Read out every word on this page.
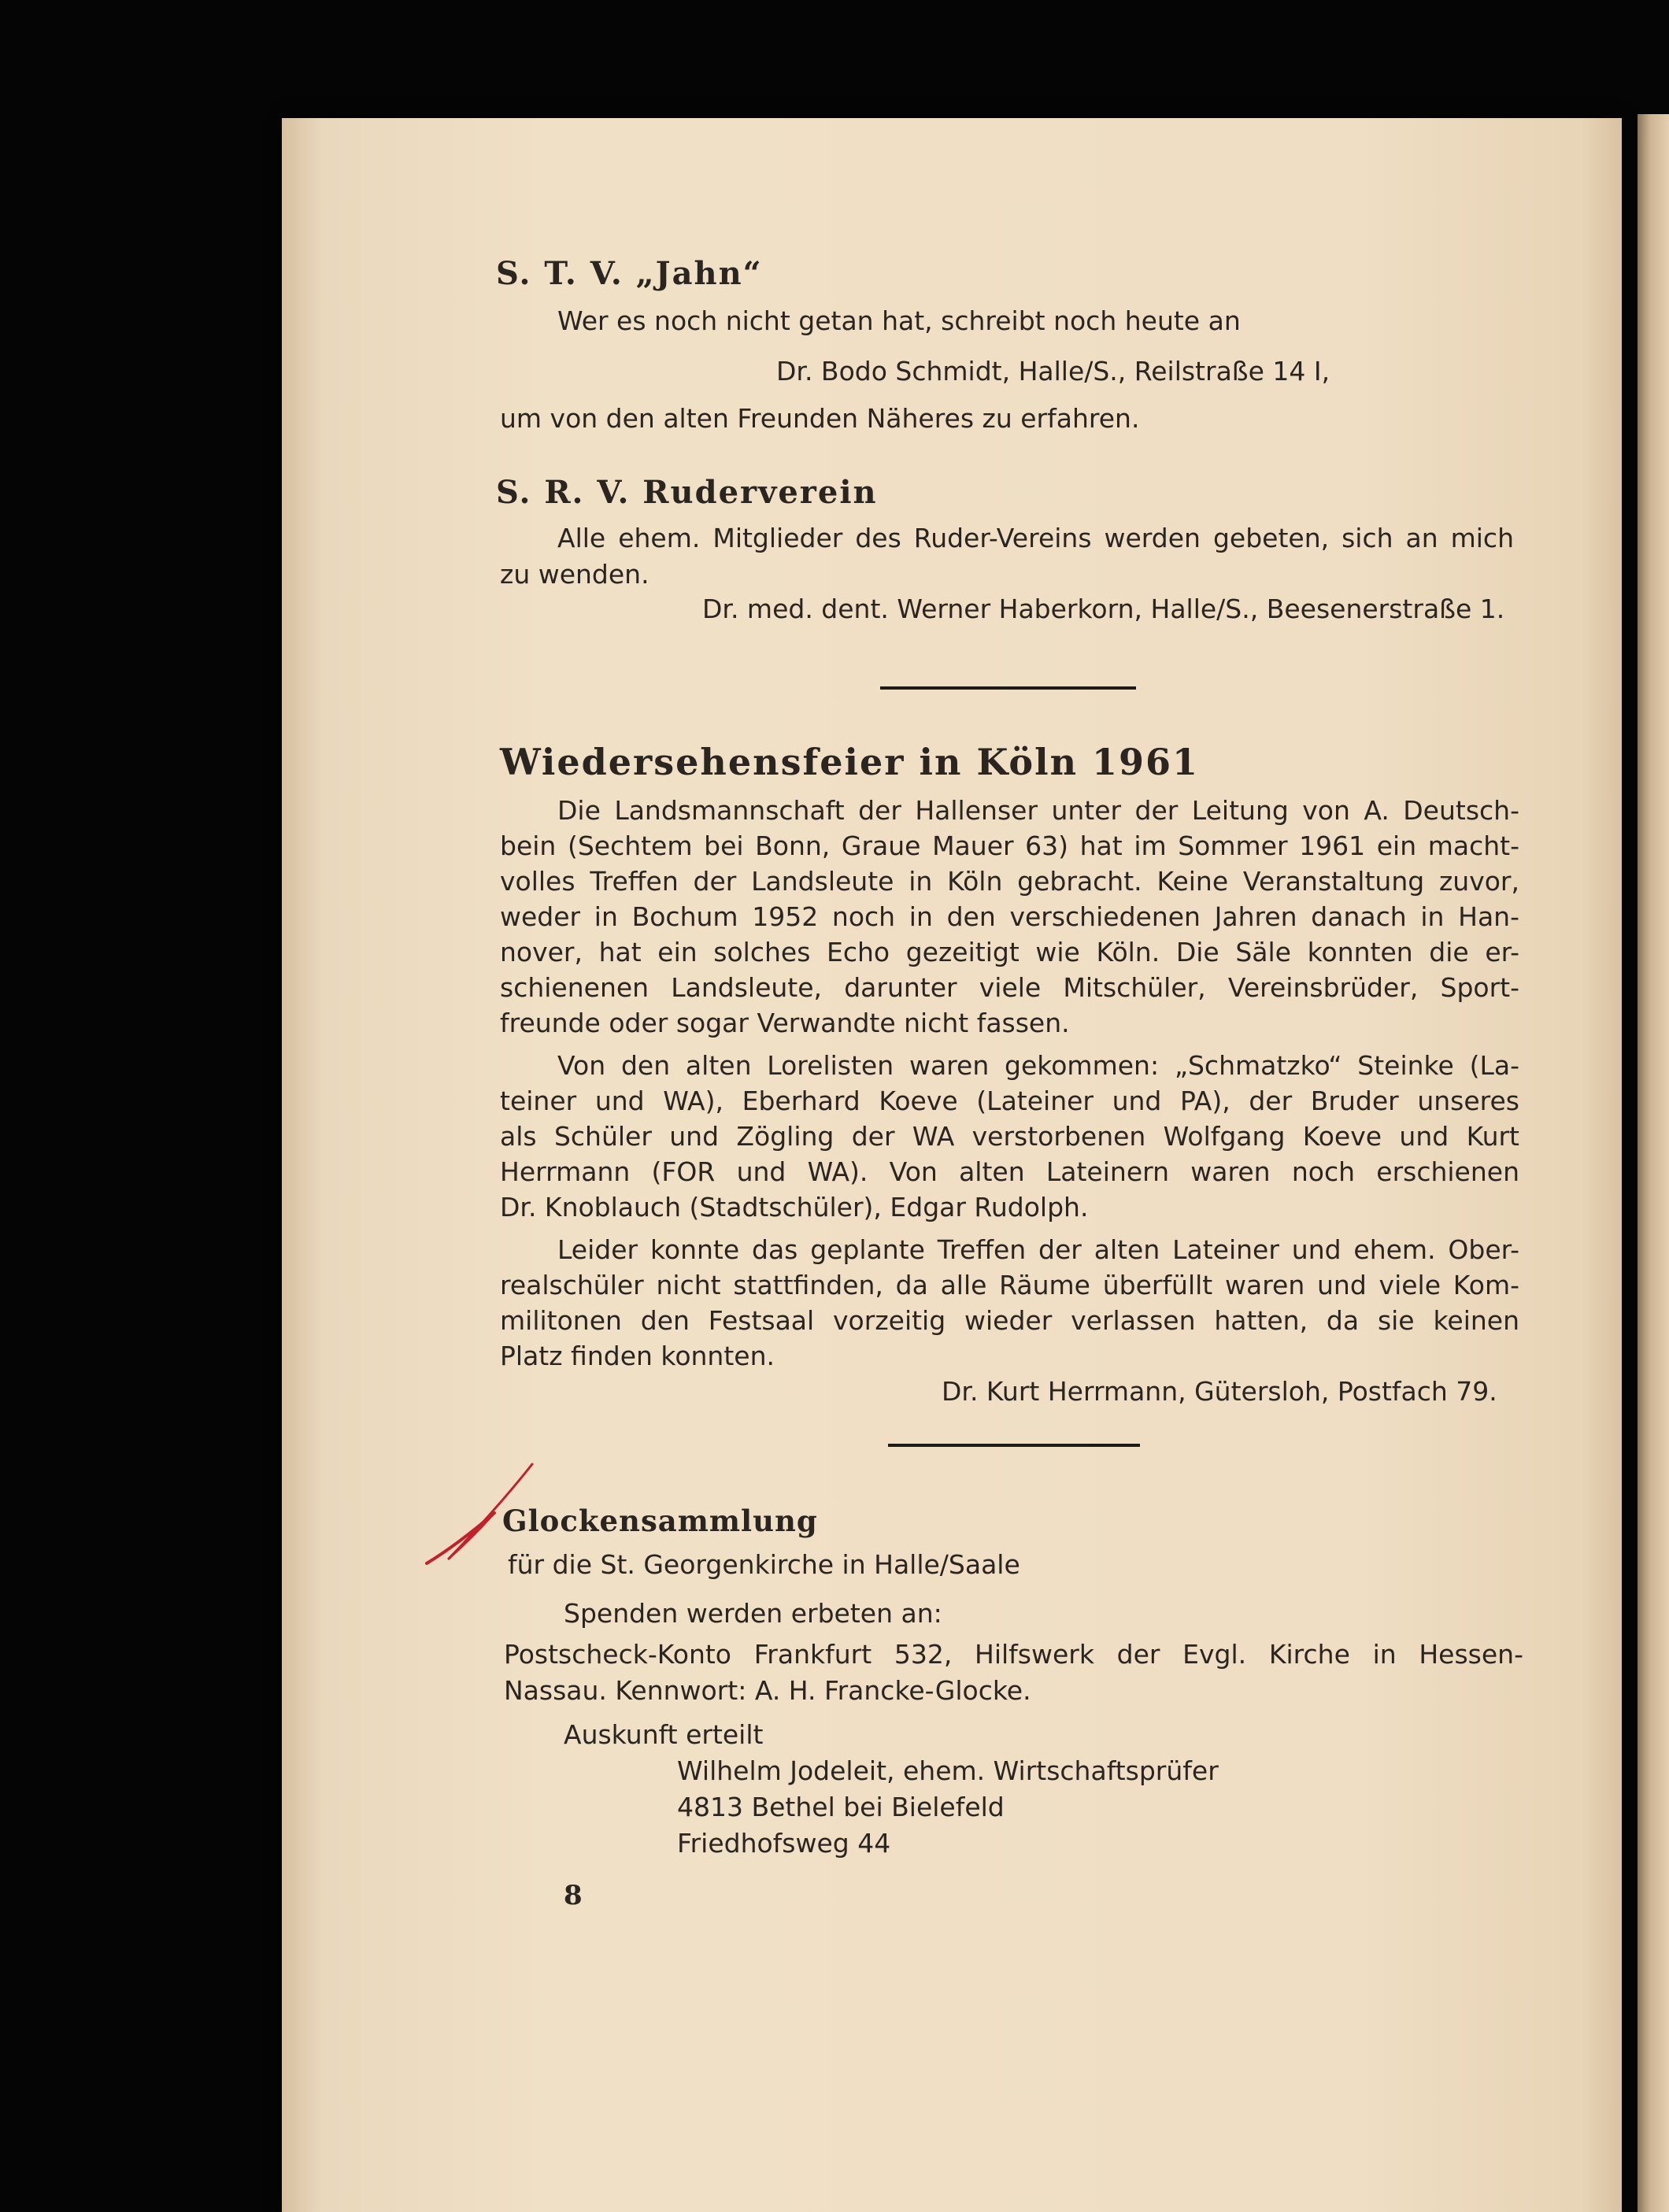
S. T. V. „Jahn“
Wer es noch nicht getan hat, schreibt noch heute an
Dr. Bodo Schmidt, Halle/S., Reilstraße 14 I,
um von den alten Freunden Näheres zu erfahren.
S. R. V. Ruderverein
Alle ehem. Mitglieder des Ruder-Vereins werden gebeten, sich an mich
zu wenden.
Dr. med. dent. Werner Haberkorn, Halle/S., Beesenerstraße 1.
Wiedersehensfeier in Köln 1961
Die Landsmannschaft der Hallenser unter der Leitung von A. Deutsch-
bein (Sechtem bei Bonn, Graue Mauer 63) hat im Sommer 1961 ein macht-
volles Treffen der Landsleute in Köln gebracht. Keine Veranstaltung zuvor,
weder in Bochum 1952 noch in den verschiedenen Jahren danach in Han-
nover, hat ein solches Echo gezeitigt wie Köln. Die Säle konnten die er-
schienenen Landsleute, darunter viele Mitschüler, Vereinsbrüder, Sport-
freunde oder sogar Verwandte nicht fassen.
Von den alten Lorelisten waren gekommen: „Schmatzko“ Steinke (La-
teiner und WA), Eberhard Koeve (Lateiner und PA), der Bruder unseres
als Schüler und Zögling der WA verstorbenen Wolfgang Koeve und Kurt
Herrmann (FOR und WA). Von alten Lateinern waren noch erschienen
Dr. Knoblauch (Stadtschüler), Edgar Rudolph.
Leider konnte das geplante Treffen der alten Lateiner und ehem. Ober-
realschüler nicht stattfinden, da alle Räume überfüllt waren und viele Kom-
militonen den Festsaal vorzeitig wieder verlassen hatten, da sie keinen
Platz finden konnten.
Dr. Kurt Herrmann, Gütersloh, Postfach 79.
Glockensammlung
für die St. Georgenkirche in Halle/Saale
Spenden werden erbeten an:
Postscheck-Konto Frankfurt 532, Hilfswerk der Evgl. Kirche in Hessen-
Nassau. Kennwort: A. H. Francke-Glocke.
Auskunft erteilt
Wilhelm Jodeleit, ehem. Wirtschaftsprüfer
4813 Bethel bei Bielefeld
Friedhofsweg 44
8
